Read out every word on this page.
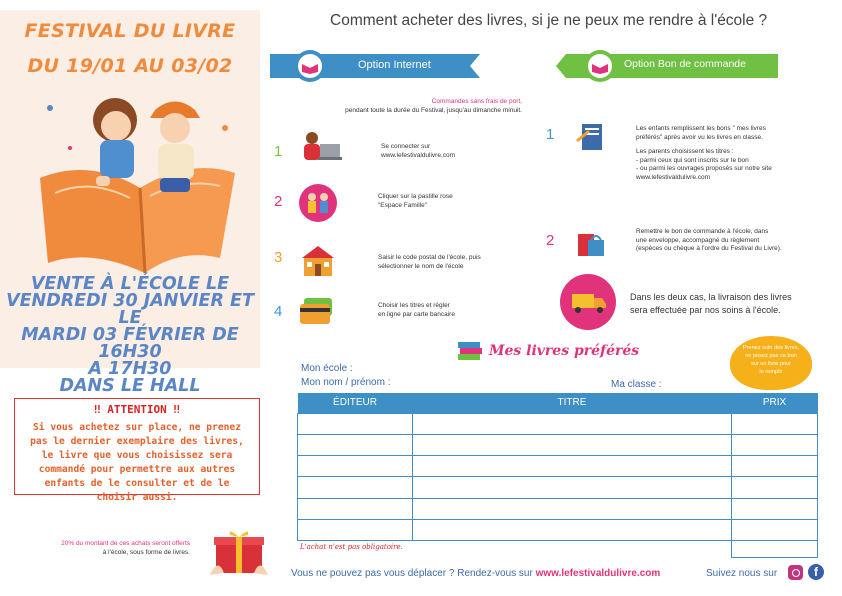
FESTIVAL DU LIVRE
DU 19/01 AU 03/02
VENTE À L'ÉCOLE LE
VENDREDI 30 JANVIER ET LE
MARDI 03 FÉVRIER DE 16H30
A 17H30
DANS LE HALL
‼ ATTENTION ‼
Si vous achetez sur place, ne prenez pas le dernier exemplaire des livres, le livre que vous choisissez sera commandé pour permettre aux autres enfants de le consulter et de le choisir aussi.
20% du montant de ces achats seront offerts
à l'école, sous forme de livres.
Comment acheter des livres, si je ne peux me rendre à l'école ?
Option Internet	Option Bon de commande
Commandes sans frais de port,
pendant toute la durée du Festival, jusqu'au dimanche minuit.
1	Se connecter sur
www.lefestivaldulivre.com
2	Cliquer sur la pastille rose
"Espace Famille"
3	Saisir le code postal de l'école, puis
sélectionner le nom de l'école
4	Choisir les titres et régler
en ligne par carte bancaire
1	Les enfants remplissent les bons " mes livres
préférés" après avoir vu les livres en classe.
Les parents choisissent les titres :
- parmi ceux qui sont inscrits sur le bon
- ou parmi les ouvrages proposés sur notre site
www.lefestivaldulivre.com
2
Remettre le bon de commande à l'école, dans
une enveloppe, accompagné du règlement
(espèces ou chèque à l'ordre du Festival du Livre).
Dans les deux cas, la livraison des livres
sera effectuée par nos soins à l'école.
Mes livres préférés	Prenez soin des livres,
ne posez pas ce bon
sur un livre pour
le remplir
Mon école :
Mon nom / prénom :	Ma classe :
ÉDITEUR	TITRE	PRIX

L'achat n'est pas obligatoire.
Vous ne pouvez pas vous déplacer ? Rendez-vous sur www.lefestivaldulivre.com	Suivez nous sur	f
